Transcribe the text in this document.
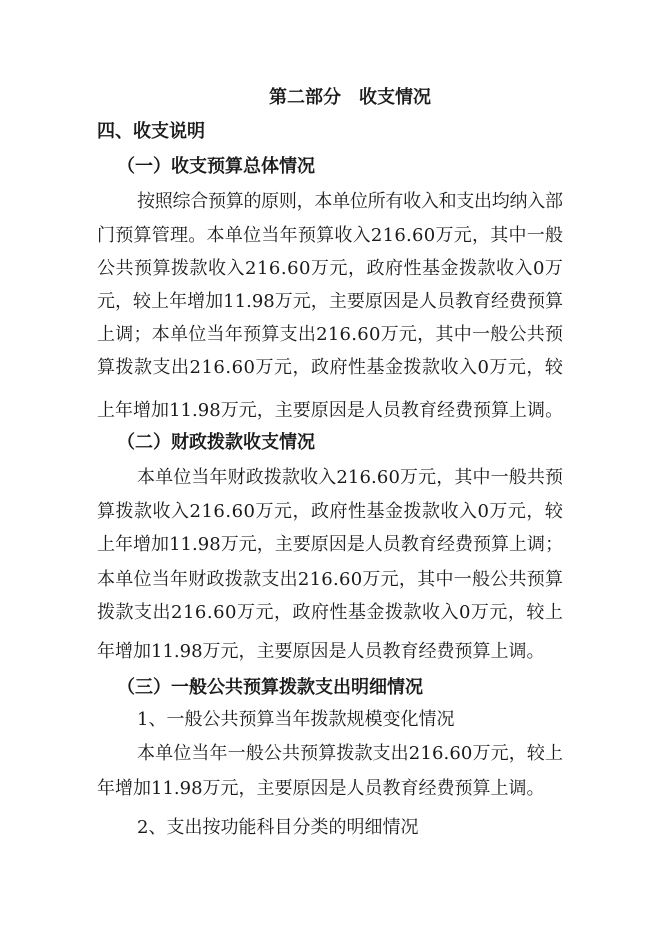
第二部分　收支情况
四、收支说明
（一）收支预算总体情况
按照综合预算的原则，本单位所有收入和支出均纳入部
门预算管理。本单位当年预算收入216.60万元，其中一般
公共预算拨款收入216.60万元，政府性基金拨款收入0万
元，较上年增加11.98万元，主要原因是人员教育经费预算
上调；本单位当年预算支出216.60万元，其中一般公共预
算拨款支出216.60万元，政府性基金拨款收入0万元，较
上年增加11.98万元，主要原因是人员教育经费预算上调。
（二）财政拨款收支情况
本单位当年财政拨款收入216.60万元，其中一般共预
算拨款收入216.60万元，政府性基金拨款收入0万元，较
上年增加11.98万元，主要原因是人员教育经费预算上调；
本单位当年财政拨款支出216.60万元，其中一般公共预算
拨款支出216.60万元，政府性基金拨款收入0万元，较上
年增加11.98万元，主要原因是人员教育经费预算上调。
（三）一般公共预算拨款支出明细情况
1、一般公共预算当年拨款规模变化情况
本单位当年一般公共预算拨款支出216.60万元，较上
年增加11.98万元，主要原因是人员教育经费预算上调。
2、支出按功能科目分类的明细情况
